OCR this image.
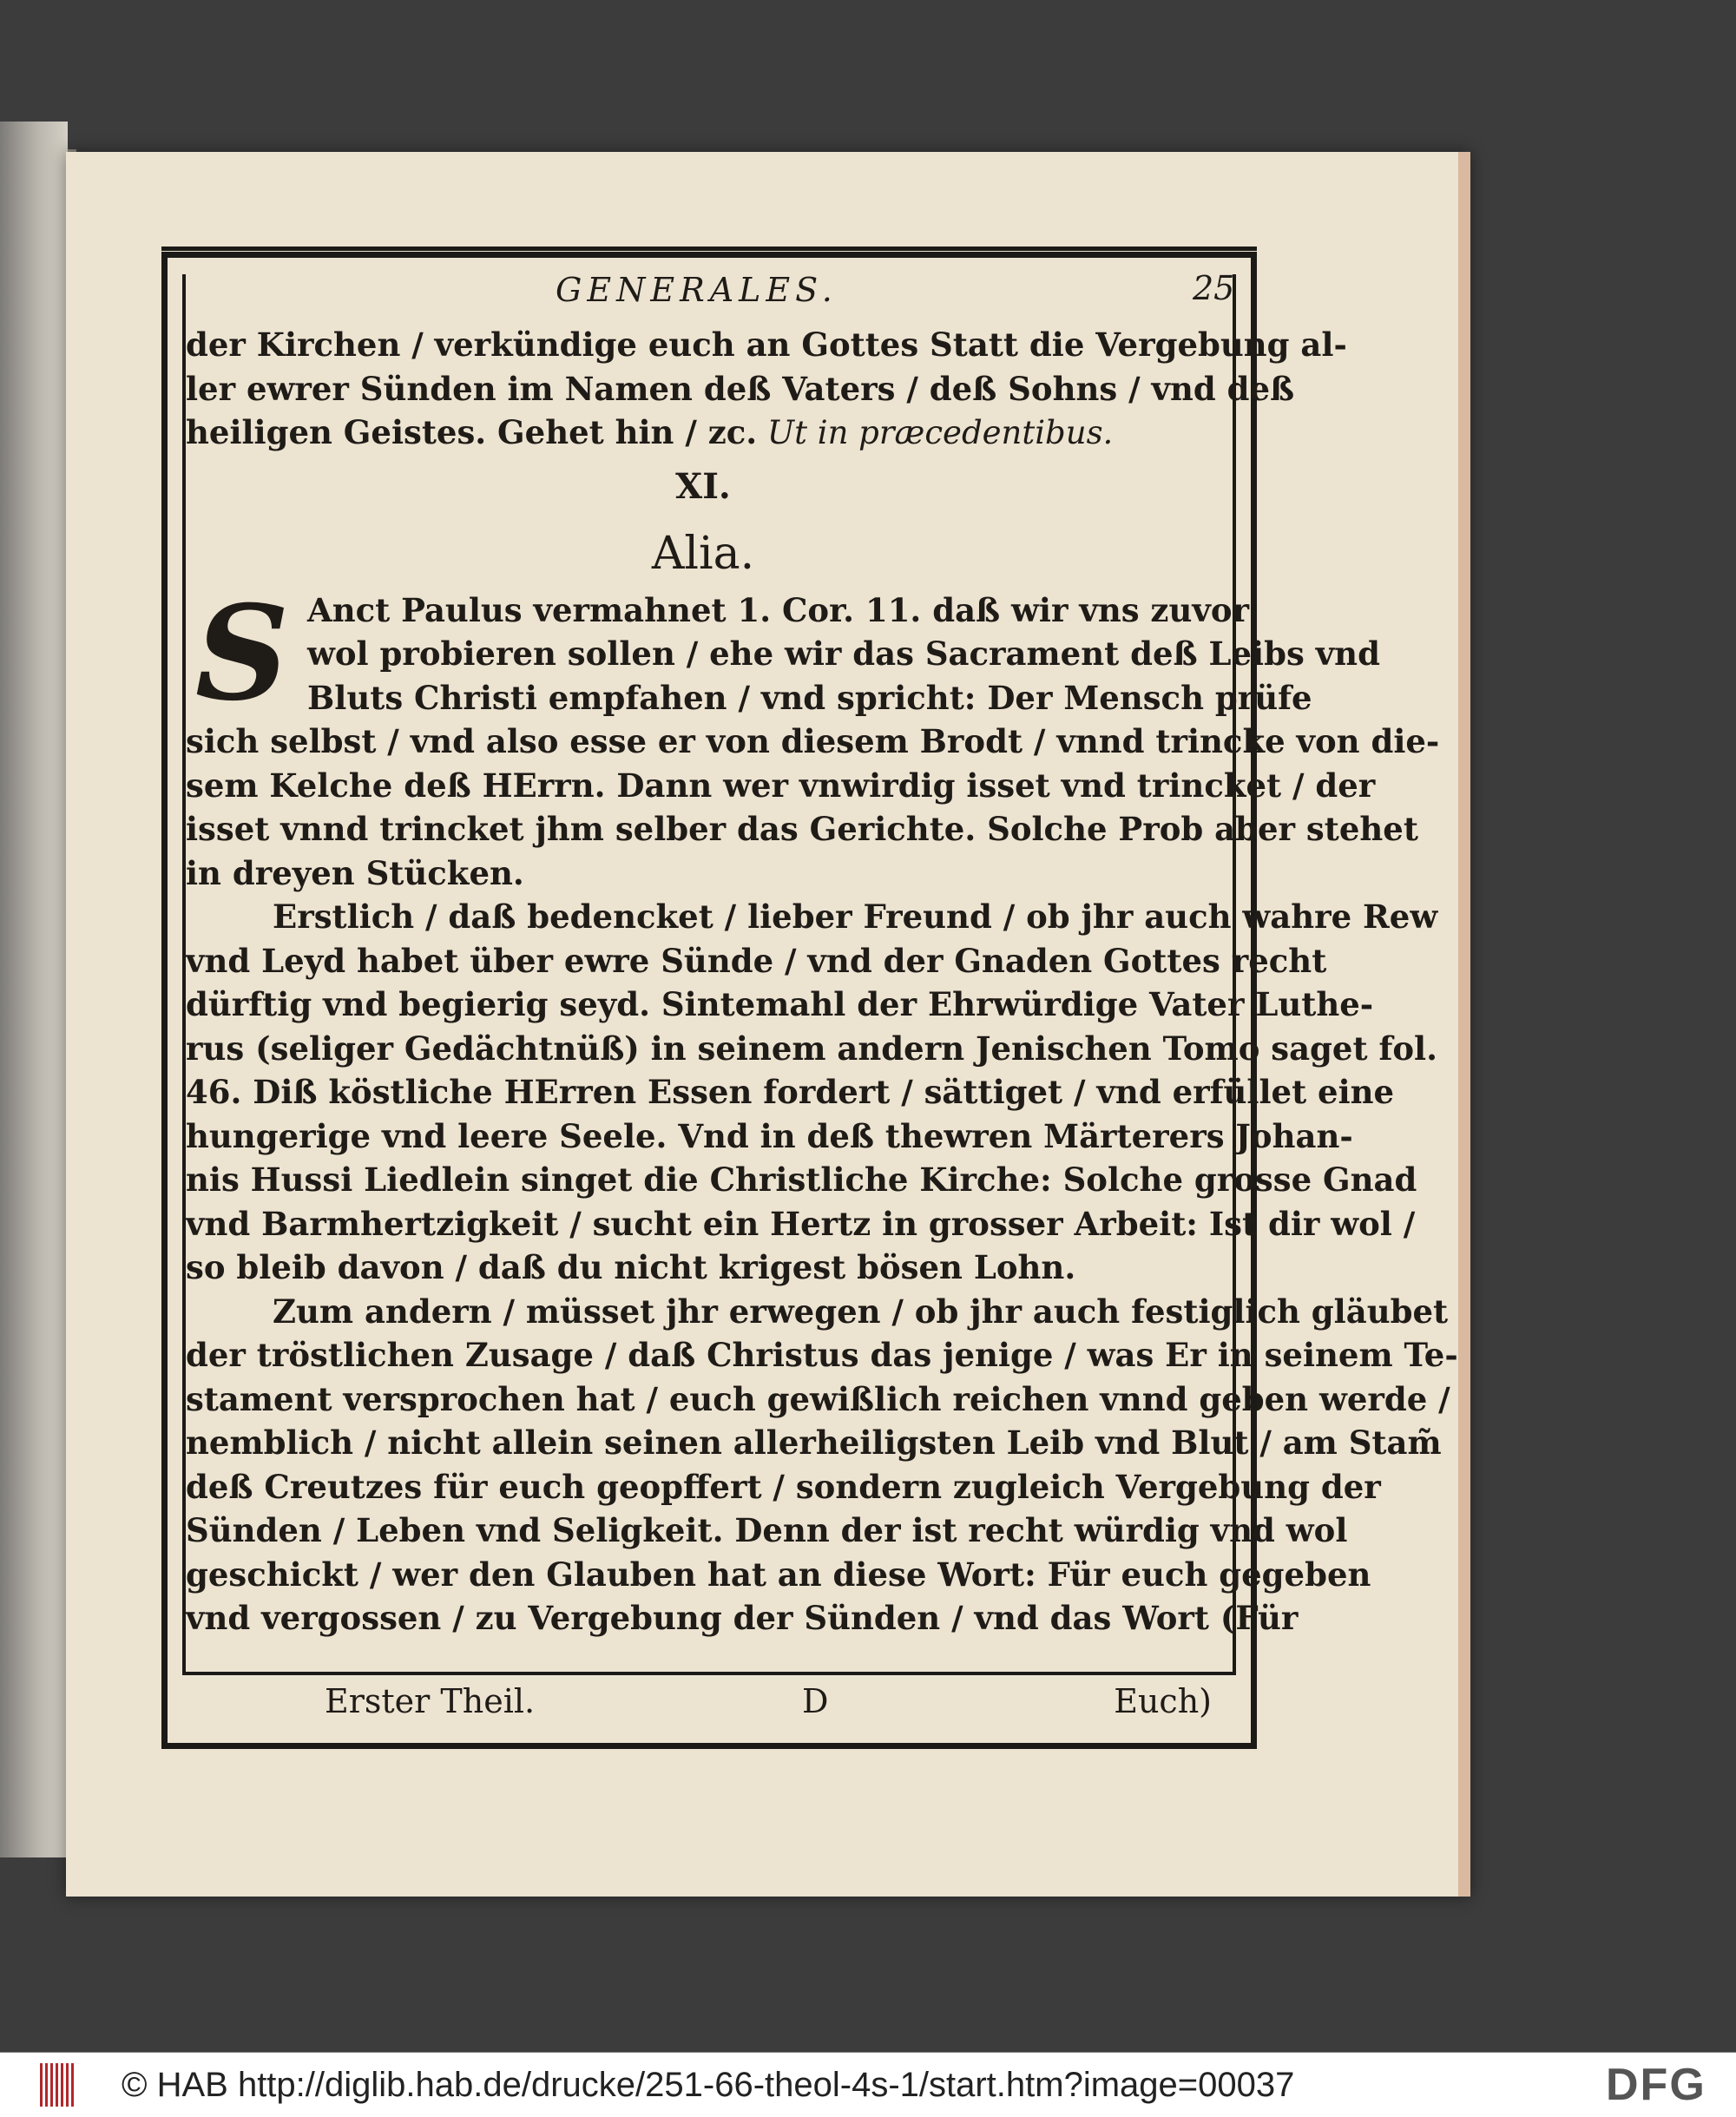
GENERALES.	25
der Kirchen / verkündige euch an Gottes Statt die Vergebung al-
ler ewrer Sünden im Namen deß Vaters / deß Sohns / vnd deß
heiligen Geistes. Gehet hin / zc. Ut in præcedentibus.
XI.
Alia.
S Anct Paulus vermahnet 1. Cor. 11. daß wir vns zuvor
wol probieren sollen / ehe wir das Sacrament deß Leibs vnd
Bluts Christi empfahen / vnd spricht: Der Mensch prüfe
sich selbst / vnd also esse er von diesem Brodt / vnnd trincke von die-
sem Kelche deß HErrn. Dann wer vnwirdig isset vnd trincket / der
isset vnnd trincket jhm selber das Gerichte. Solche Prob aber stehet
in dreyen Stücken.
Erstlich / daß bedencket / lieber Freund / ob jhr auch wahre Rew
vnd Leyd habet über ewre Sünde / vnd der Gnaden Gottes recht
dürftig vnd begierig seyd. Sintemahl der Ehrwürdige Vater Luthe-
rus (seliger Gedächtnüß) in seinem andern Jenischen Tomo saget fol.
46. Diß köstliche HErren Essen fordert / sättiget / vnd erfüllet eine
hungerige vnd leere Seele. Vnd in deß thewren Märterers Johan-
nis Hussi Liedlein singet die Christliche Kirche: Solche grosse Gnad
vnd Barmhertzigkeit / sucht ein Hertz in grosser Arbeit: Ist dir wol /
so bleib davon / daß du nicht krigest bösen Lohn.
Zum andern / müsset jhr erwegen / ob jhr auch festiglich gläubet
der tröstlichen Zusage / daß Christus das jenige / was Er in seinem Te-
stament versprochen hat / euch gewißlich reichen vnnd geben werde /
nemblich / nicht allein seinen allerheiligsten Leib vnd Blut / am Stam̃
deß Creutzes für euch geopffert / sondern zugleich Vergebung der
Sünden / Leben vnd Seligkeit. Denn der ist recht würdig vnd wol
geschickt / wer den Glauben hat an diese Wort: Für euch gegeben
vnd vergossen / zu Vergebung der Sünden / vnd das Wort (Für
Erster Theil.	D	Euch)
© HAB http://diglib.hab.de/drucke/251-66-theol-4s-1/start.htm?image=00037	DFG
